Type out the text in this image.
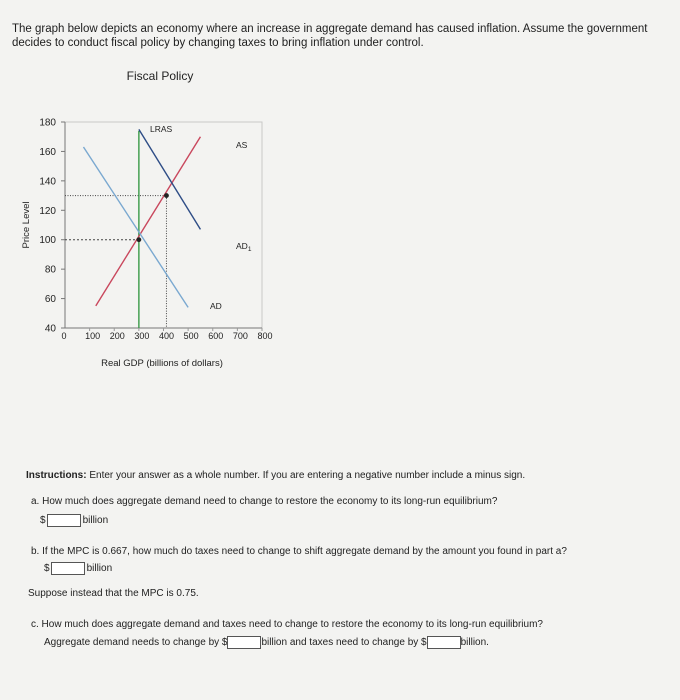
The graph below depicts an economy where an increase in aggregate demand has caused inflation. Assume the government decides to conduct fiscal policy by changing taxes to bring inflation under control.
Fiscal Policy
40
60
80
100
120
140
160
180
0 100 200 300 400 500 600 700 800
Real GDP (billions of dollars)
Price Level
LRAS
AS
AD
$AD_1$
Instructions: Enter your answer as a whole number. If you are entering a negative number include a minus sign.
a. How much does aggregate demand need to change to restore the economy to its long-run equilibrium?
$	billion
b. If the MPC is 0.667, how much do taxes need to change to shift aggregate demand by the amount you found in part a?
$	billion
Suppose instead that the MPC is 0.75.
c. How much does aggregate demand and taxes need to change to restore the economy to its long-run equilibrium?
Aggregate demand needs to change by $	billion and taxes need to change by $	billion.
